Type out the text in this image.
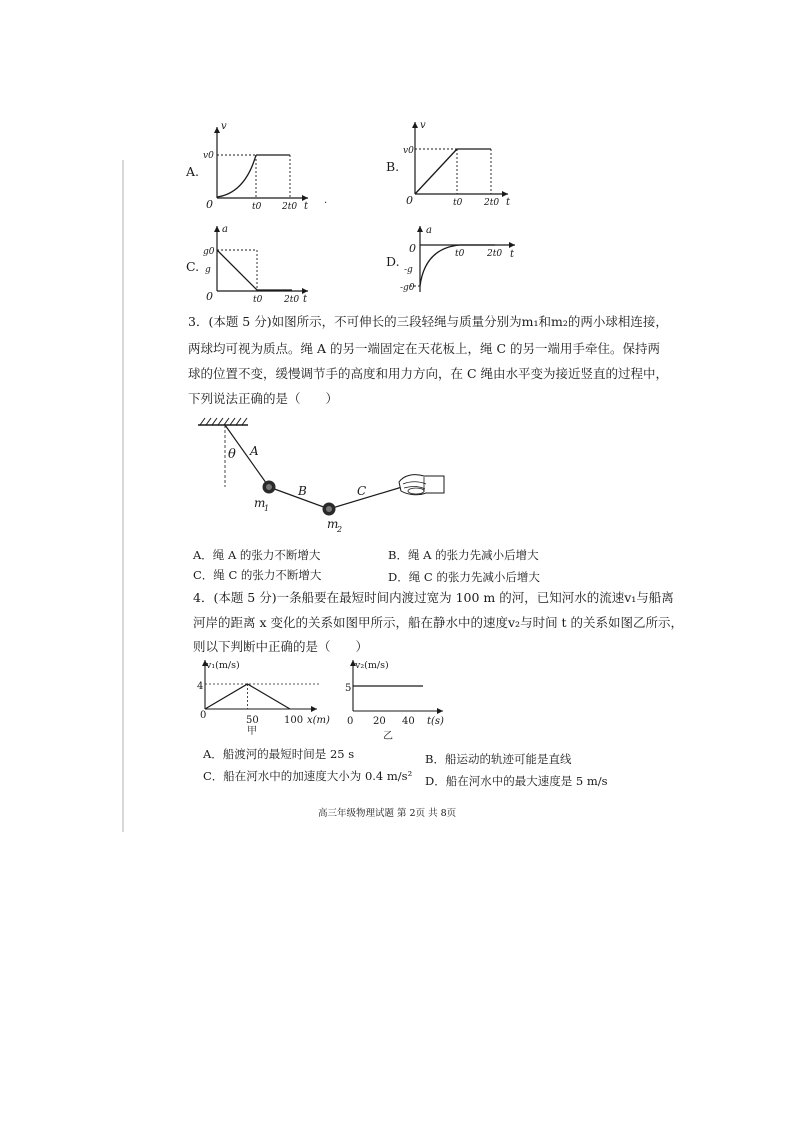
A.
v
v0
0	t0 2t0 t
.
B.
v
v0
0	t0 2t0 t
C.
a
g0
g
0	t0 2t0 t
D.
a
0
-g
-g0
t0	2t0 t
3．(本题 5 分)如图所示，不可伸长的三段轻绳与质量分别为m₁和m₂的两小球相连接，
两球均可视为质点。绳 A 的另一端固定在天花板上，绳 C 的另一端用手牵住。保持两
球的位置不变，缓慢调节手的高度和用力方向，在 C 绳由水平变为接近竖直的过程中，
下列说法正确的是（　　）
θ A
B	C
m
1
m
2
A．绳 A 的张力不断增大	B．绳 A 的张力先减小后增大
C．绳 C 的张力不断增大	D．绳 C 的张力先减小后增大
4．(本题 5 分)一条船要在最短时间内渡过宽为 100 m 的河，已知河水的流速v₁与船离
河岸的距离 x 变化的关系如图甲所示，船在静水中的速度v₂与时间 t 的关系如图乙所示，
则以下判断中正确的是（　　）
v₁(m/s)
4
0	50	100 x(m)
甲
v₂(m/s)
5
0 20 40 t(s)
乙
A．船渡河的最短时间是 25 s	B．船运动的轨迹可能是直线
C．船在河水中的加速度大小为 0.4 m/s² D．船在河水中的最大速度是 5 m/s
高三年级物理试题 第 2页 共 8页
